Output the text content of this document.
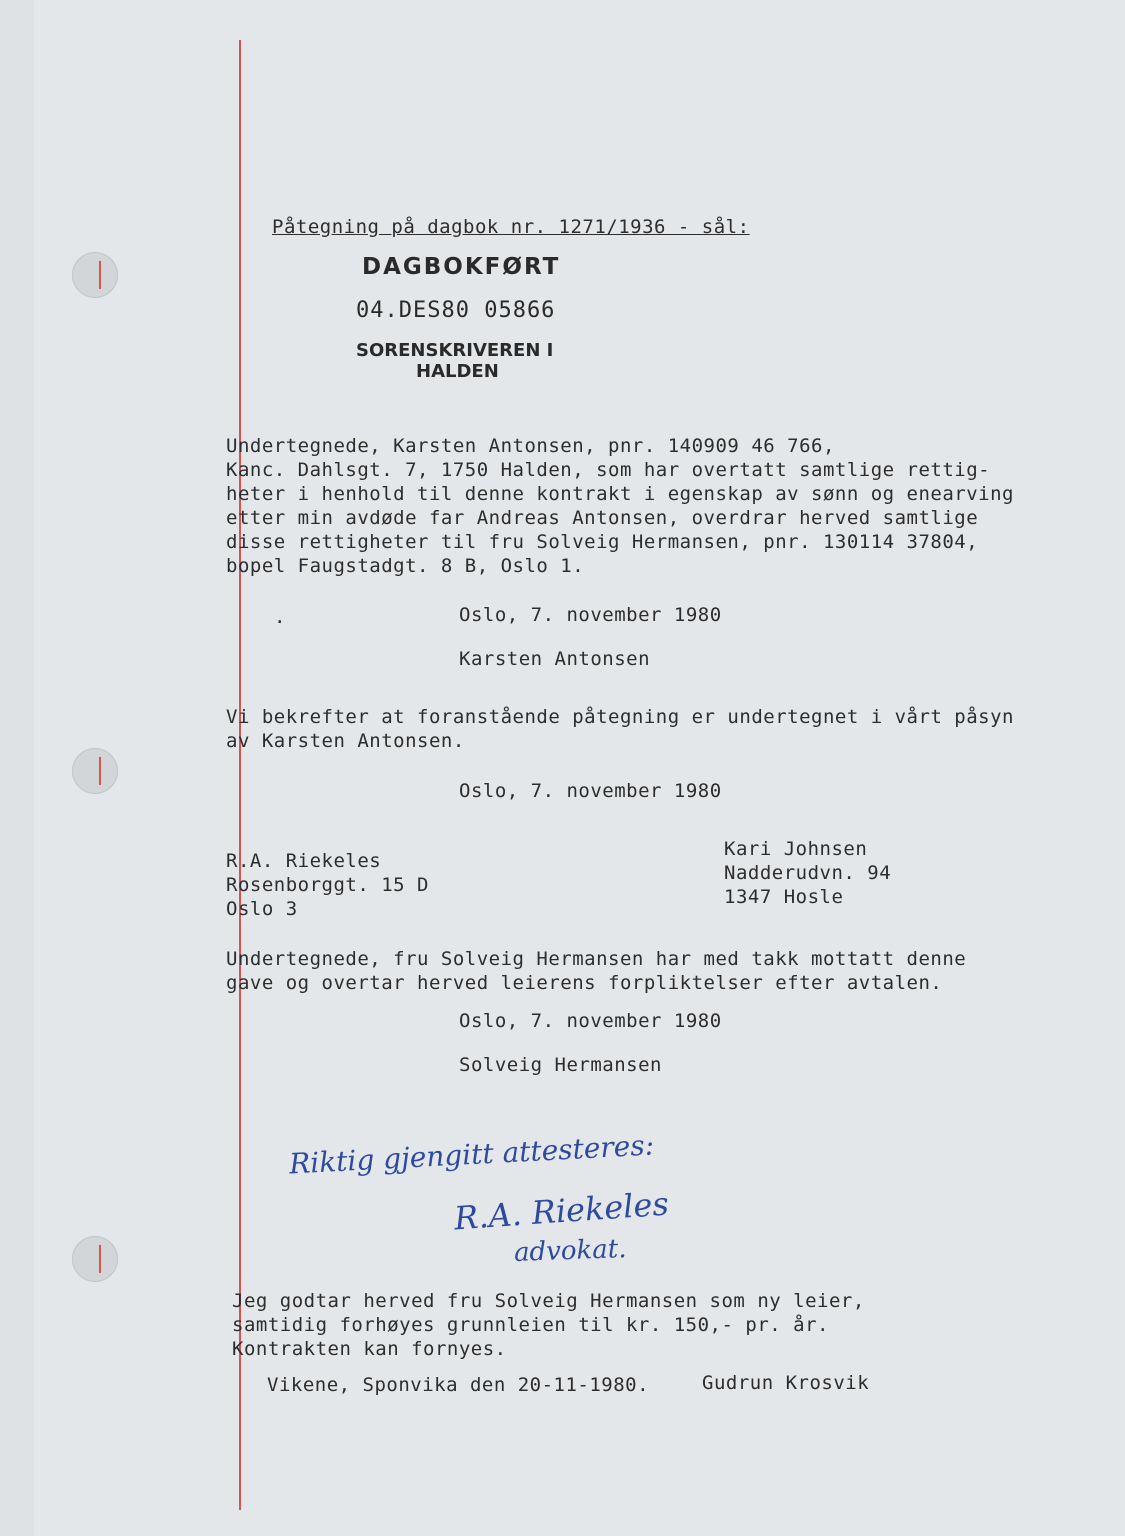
Påtegning på dagbok nr. 1271/1936 - sål:
DAGBOKFØRT
04.DES80 05866
SORENSKRIVEREN I
HALDEN

Undertegnede, Karsten Antonsen, pnr. 140909 46 766,

Kanc. Dahlsgt. 7, 1750 Halden, som har overtatt samtlige rettig-

heter i henhold til denne kontrakt i egenskap av sønn og enearving

etter min avdøde far Andreas Antonsen, overdrar herved samtlige

disse rettigheter til fru Solveig Hermansen, pnr. 130114 37804,

bopel Faugstadgt. 8 B, Oslo 1.

.	Oslo, 7. november 1980
Karsten Antonsen

Vi bekrefter at foranstående påtegning er undertegnet i vårt påsyn

av Karsten Antonsen.

Oslo, 7. november 1980

R.A. Riekeles

Rosenborggt. 15 D

Oslo 3

Kari Johnsen

Nadderudvn. 94

1347 Hosle

Undertegnede, fru Solveig Hermansen har med takk mottatt denne

gave og overtar herved leierens forpliktelser efter avtalen.

Oslo, 7. november 1980
Solveig Hermansen
Riktig gjengitt attesteres:
R.A. Riekeles
advokat.

Jeg godtar herved fru Solveig Hermansen som ny leier,

samtidig forhøyes grunnleien til kr. 150,- pr. år.

Kontrakten kan fornyes.

Vikene, Sponvika den 20-11-1980.	Gudrun Krosvik
